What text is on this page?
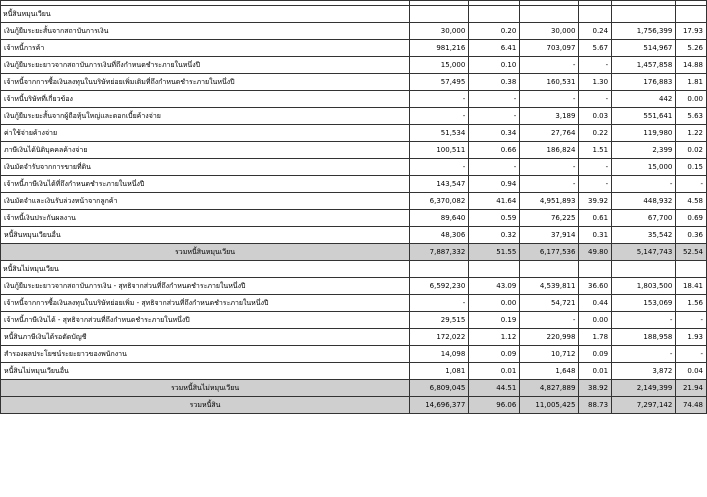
หนี้สินหมุนเวียน						
เงินกู้ยืมระยะสั้นจากสถาบันการเงิน	30,000	0.20	30,000	0.24	1,756,399	17.93
เจ้าหนี้การค้า	981,216	6.41	703,097	5.67	514,967	5.26
เงินกู้ยืมระยะยาวจากสถาบันการเงินที่ถึงกำหนดชำระภายในหนึ่งปี	15,000	0.10	-	-	1,457,858	14.88
เจ้าหนี้จากการซื้อเงินลงทุนในบริษัทย่อยเพิ่มเติมที่ถึงกำหนดชำระภายในหนึ่งปี	57,495	0.38	160,531	1.30	176,883	1.81
เจ้าหนี้บริษัทที่เกี่ยวข้อง	-	-	-	-	442	0.00
เงินกู้ยืมระยะสั้นจากผู้ถือหุ้นใหญ่และดอกเบี้ยค้างจ่าย	-	-	3,189	0.03	551,641	5.63
ค่าใช้จ่ายค้างจ่าย	51,534	0.34	27,764	0.22	119,980	1.22
ภาษีเงินได้นิติบุคคลค้างจ่าย	100,511	0.66	186,824	1.51	2,399	0.02
เงินมัดจำรับจากการขายที่ดิน	-	-	-	-	15,000	0.15
เจ้าหนี้ภาษีเงินได้ที่ถึงกำหนดชำระภายในหนึ่งปี	143,547	0.94	-	-	-	-
เงินมัดจำและเงินรับล่วงหน้าจากลูกค้า	6,370,082	41.64	4,951,893	39.92	448,932	4.58
เจ้าหนี้เงินประกันผลงาน	89,640	0.59	76,225	0.61	67,700	0.69
หนี้สินหมุนเวียนอื่น	48,306	0.32	37,914	0.31	35,542	0.36
รวมหนี้สินหมุนเวียน	7,887,332	51.55	6,177,536	49.80	5,147,743	52.54
หนี้สินไม่หมุนเวียน						
เงินกู้ยืมระยะยาวจากสถาบันการเงิน - สุทธิจากส่วนที่ถึงกำหนดชำระภายในหนึ่งปี	6,592,230	43.09	4,539,811	36.60	1,803,500	18.41
เจ้าหนี้จากการซื้อเงินลงทุนในบริษัทย่อยเพิ่ม - สุทธิจากส่วนที่ถึงกำหนดชำระภายในหนึ่งปี	-	0.00	54,721	0.44	153,069	1.56
เจ้าหนี้ภาษีเงินได้ - สุทธิจากส่วนที่ถึงกำหนดชำระภายในหนึ่งปี	29,515	0.19	-	0.00	-	-
หนี้สินภาษีเงินได้รอตัดบัญชี	172,022	1.12	220,998	1.78	188,958	1.93
สำรองผลประโยชน์ระยะยาวของพนักงาน	14,098	0.09	10,712	0.09	-	-
หนี้สินไม่หมุนเวียนอื่น	1,081	0.01	1,648	0.01	3,872	0.04
รวมหนี้สินไม่หมุนเวียน	6,809,045	44.51	4,827,889	38.92	2,149,399	21.94
รวมหนี้สิน	14,696,377	96.06	11,005,425	88.73	7,297,142	74.48
